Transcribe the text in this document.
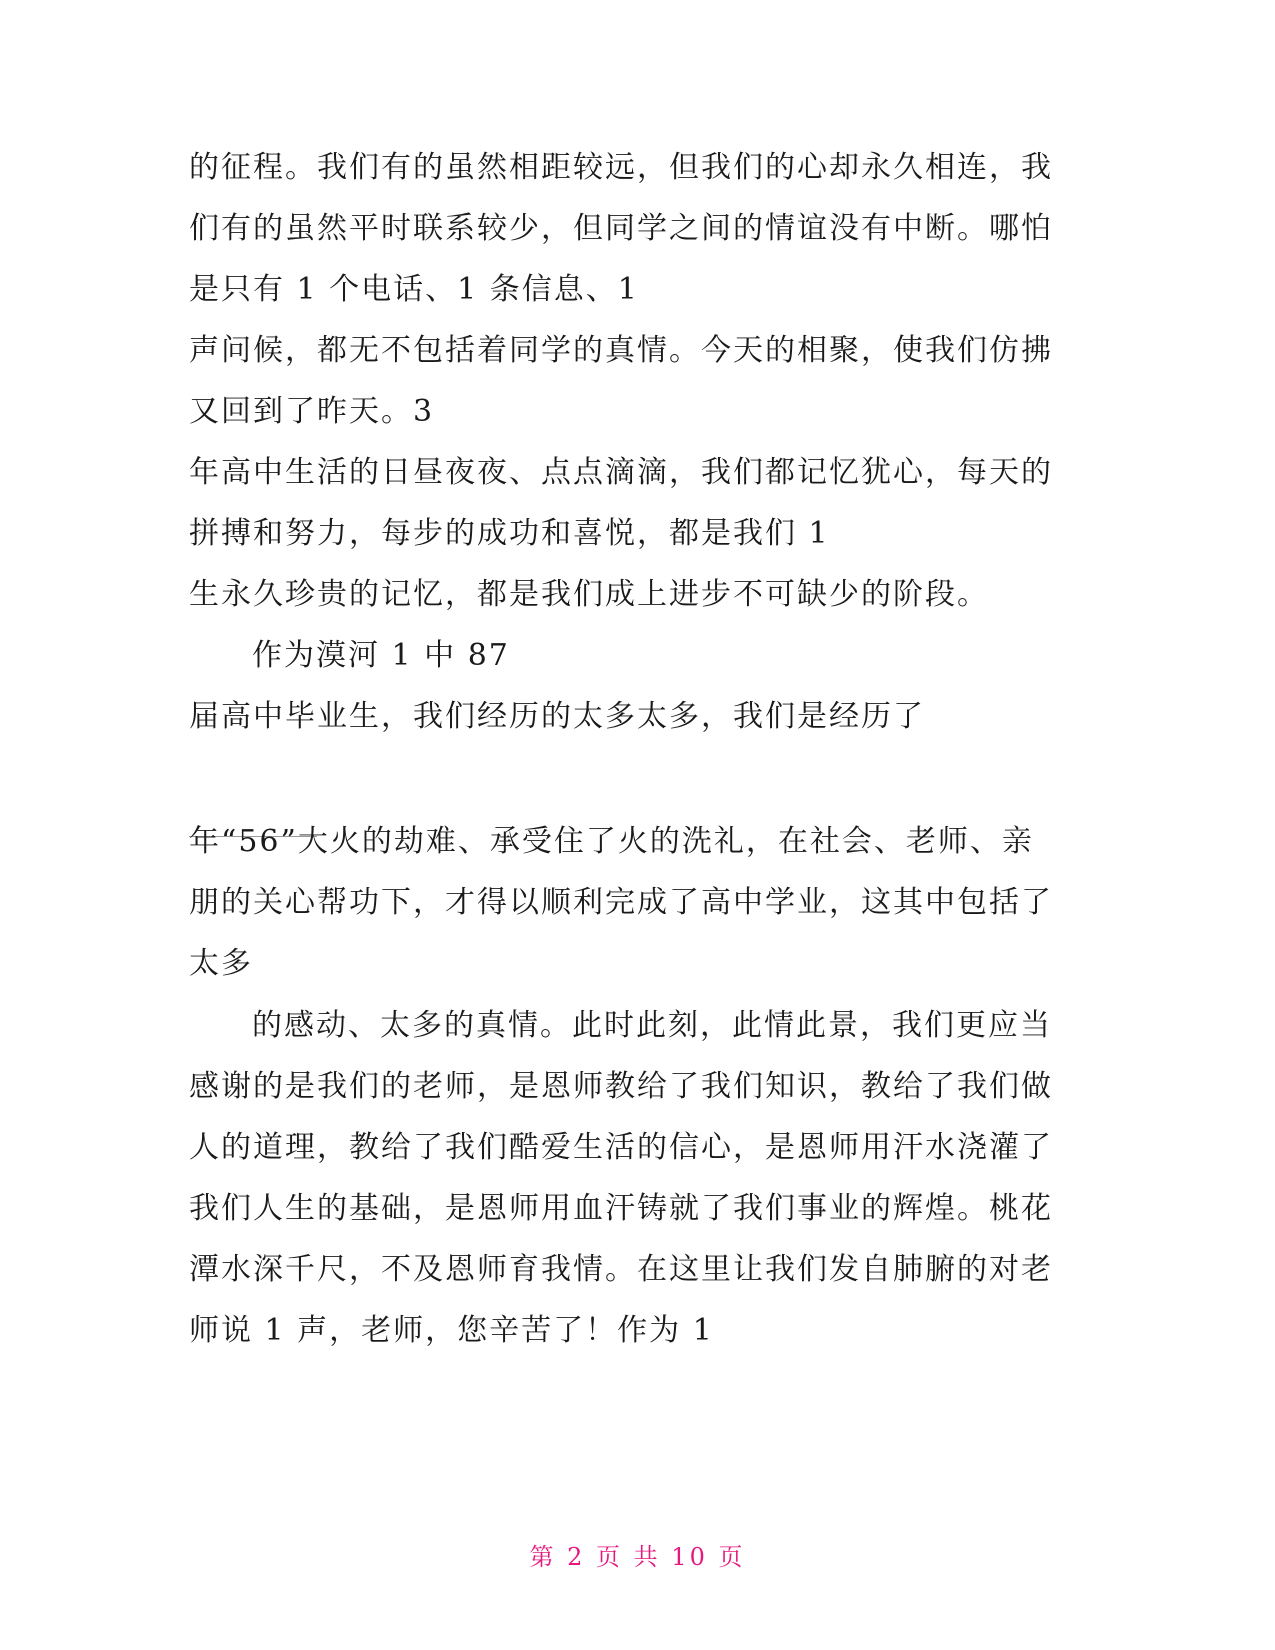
的征程。我们有的虽然相距较远，但我们的心却永久相连，我
们有的虽然平时联系较少，但同学之间的情谊没有中断。哪怕
是只有 1 个电话、1 条信息、1
声问候，都无不包括着同学的真情。今天的相聚，使我们仿拂
又回到了昨天。3
年高中生活的日昼夜夜、点点滴滴，我们都记忆犹心，每天的
拼搏和努力，每步的成功和喜悦，都是我们 1
生永久珍贵的记忆，都是我们成上进步不可缺少的阶段。
作为漠河 1 中 87
届高中毕业生，我们经历的太多太多，我们是经历了
年“56”大火的劫难、承受住了火的洗礼，在社会、老师、亲
朋的关心帮功下，才得以顺利完成了高中学业，这其中包括了
太多
的感动、太多的真情。此时此刻，此情此景，我们更应当
感谢的是我们的老师，是恩师教给了我们知识，教给了我们做
人的道理，教给了我们酷爱生活的信心，是恩师用汗水浇灌了
我们人生的基础，是恩师用血汗铸就了我们事业的辉煌。桃花
潭水深千尺，不及恩师育我情。在这里让我们发自肺腑的对老
师说 1 声，老师，您辛苦了！作为 1
第 2 页 共 10 页
